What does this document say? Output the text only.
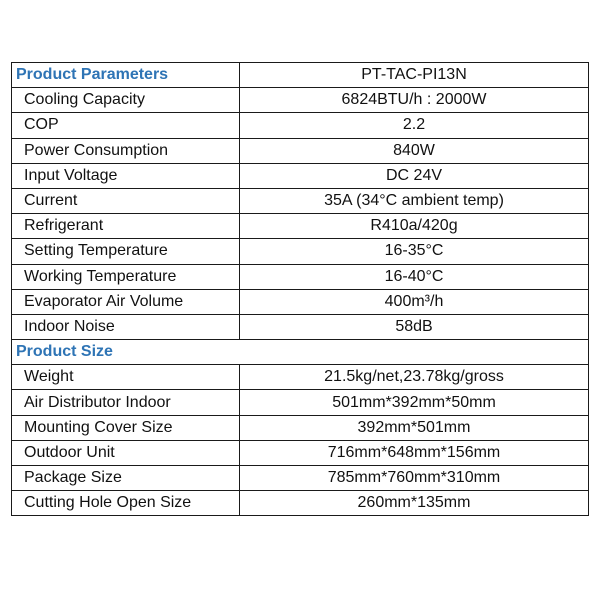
Product Parameters	PT-TAC-PI13N
Cooling Capacity	6824BTU/h : 2000W
COP	2.2
Power Consumption	840W
Input Voltage	DC 24V
Current	35A (34°C ambient temp)
Refrigerant	R410a/420g
Setting Temperature	16-35°C
Working Temperature	16-40°C
Evaporator Air Volume	400m³/h
Indoor Noise	58dB
Product Size	
Weight	21.5kg/net,23.78kg/gross
Air Distributor Indoor	501mm*392mm*50mm
Mounting Cover Size	392mm*501mm
Outdoor Unit	716mm*648mm*156mm
Package Size	785mm*760mm*310mm
Cutting Hole Open Size	260mm*135mm
